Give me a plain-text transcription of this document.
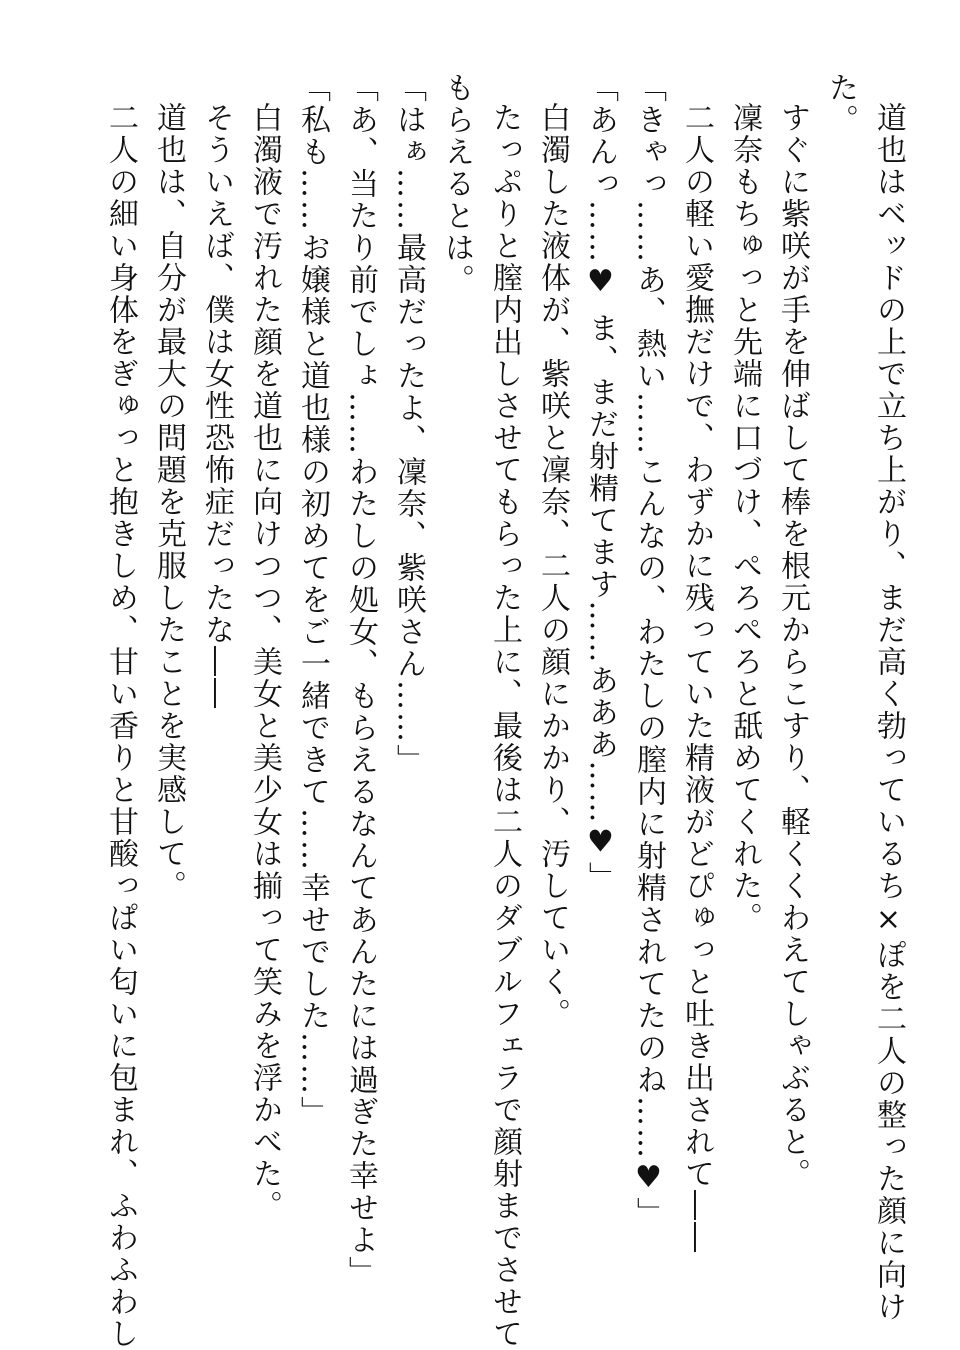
道也はベッドの上で立ち上がり、まだ高く勃っているち×ぽを二人の整った顔に向け
た。
すぐに紫咲が手を伸ばして棒を根元からこすり、軽くくわえてしゃぶると。
凜奈もちゅっと先端に口づけ、ぺろぺろと舐めてくれた。
二人の軽い愛撫だけで、わずかに残っていた精液がどぴゅっと吐き出されて――
「きゃっ……あ、熱い……こんなの、わたしの膣内に射精されてたのね……♥」
「あんっ……♥ ま、まだ射精てます……あああ……♥」
白濁した液体が、紫咲と凜奈、二人の顔にかかり、汚していく。
たっぷりと膣内出しさせてもらった上に、最後は二人のダブルフェラで顔射までさせて
もらえるとは。
「はぁ……最高だったよ、凜奈、紫咲さん……」
「あ、当たり前でしょ……わたしの処女、もらえるなんてあんたには過ぎた幸せよ」
「私も……お嬢様と道也様の初めてをご一緒できて……幸せでした……」
白濁液で汚れた顔を道也に向けつつ、美女と美少女は揃って笑みを浮かべた。
そういえば、僕は女性恐怖症だったな――
道也は、自分が最大の問題を克服したことを実感して。
二人の細い身体をぎゅっと抱きしめ、甘い香りと甘酸っぱい匂いに包まれ、ふわふわし
